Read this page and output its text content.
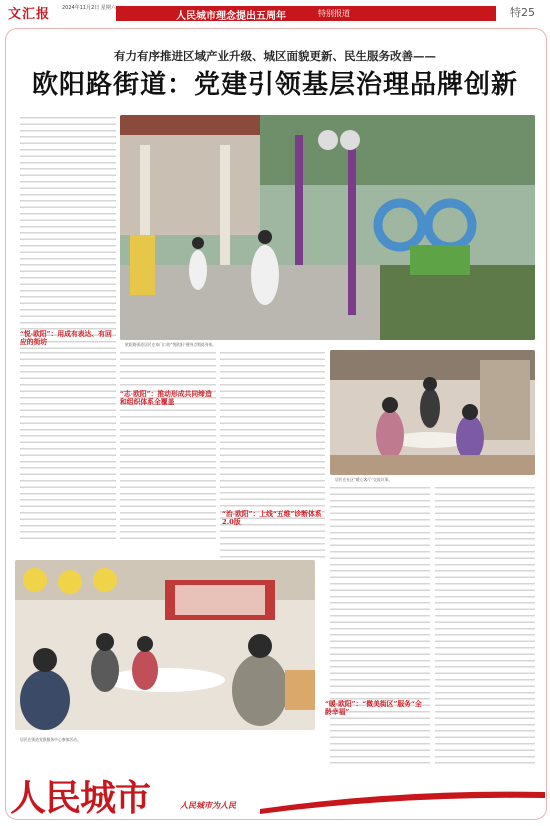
文汇报 2024年11月2日 星期六
人民城市理念提出五周年	特别报道	特25
有力有序推进区域产业升级、城区面貌更新、民生服务改善——
欧阳路街道：党建引领基层治理品牌创新
“悦·欧阳”：用成有表达、有回应的街坊	欧阳路街道居民在家门口的“悦欧阳”健身点锻炼身体。
“志·欧阳”：推动形成共同缔造和组织体系全覆盖
居民在社区“暖心客厅”交流议事。
“治·欧阳”：上线“五维”诊断体系2.0版
居民在街道党群服务中心参加活动。
“暖·欧阳”：“微美街区”服务“全龄幸福”
人民城市	人民城市为人民
